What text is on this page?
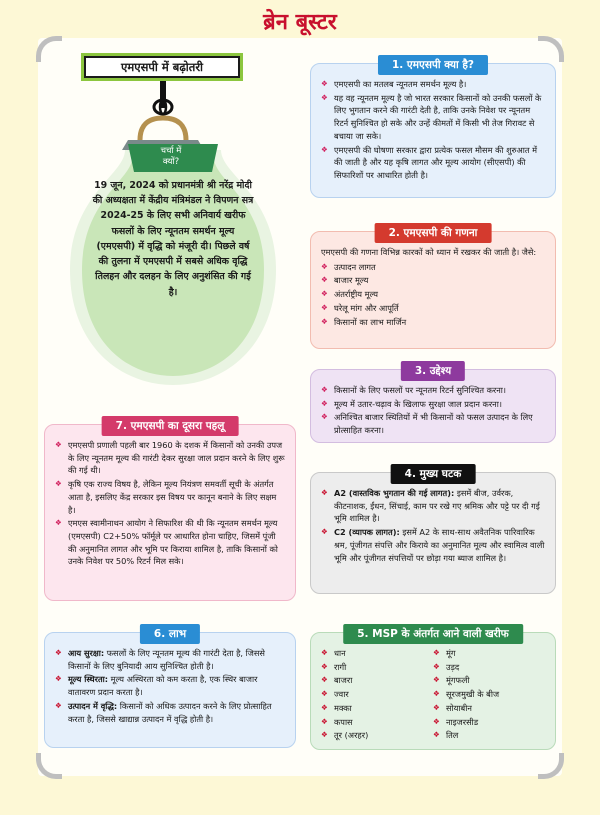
ब्रेन बूस्टर
एमएसपी में बढ़ोतरी
चर्चा में
क्यों?
19 जून, 2024 को प्रधानमंत्री श्री नरेंद्र मोदी की अध्यक्षता में केंद्रीय मंत्रिमंडल ने विपणन सत्र 2024-25 के लिए सभी अनिवार्य खरीफ फसलों के लिए न्यूनतम समर्थन मूल्य (एमएसपी) में वृद्धि को मंजूरी दी। पिछले वर्ष की तुलना में एमएसपी में सबसे अधिक वृद्धि तिलहन और दलहन के लिए अनुशंसित की गई है।
1. एमएसपी क्या है?
❖ एमएसपी का मतलब न्यूनतम समर्थन मूल्य है।
❖ यह वह न्यूनतम मूल्य है जो भारत सरकार किसानों को उनकी फसलों के लिए भुगतान करने की गारंटी देती है, ताकि उनके निवेश पर न्यूनतम रिटर्न सुनिश्चित हो सके और उन्हें कीमतों में किसी भी तेज गिरावट से बचाया जा सके।
❖ एमएसपी की घोषणा सरकार द्वारा प्रत्येक फसल मौसम की शुरुआत में की जाती है और यह कृषि लागत और मूल्य आयोग (सीएसपी) की सिफारिशों पर आधारित होती है।
2. एमएसपी की गणना
एमएसपी की गणना विभिन्न कारकों को ध्यान में रखकर की जाती है। जैसे:
❖ उत्पादन लागत
❖ बाजार मूल्य
❖ अंतर्राष्ट्रीय मूल्य
❖ घरेलू मांग और आपूर्ति
❖ किसानों का लाभ मार्जिन
3. उद्देश्य
❖ किसानों के लिए फसलों पर न्यूनतम रिटर्न सुनिश्चित करना।
❖ मूल्य में उतार-चढ़ाव के खिलाफ सुरक्षा जाल प्रदान करना।
❖ अनिश्चित बाजार स्थितियों में भी किसानों को फसल उत्पादन के लिए प्रोत्साहित करना।
4. मुख्य घटक
❖ A2 (वास्तविक भुगतान की गई लागत): इसमें बीज, उर्वरक, कीटनाशक, ईंधन, सिंचाई, काम पर रखे गए श्रमिक और पट्टे पर दी गई भूमि शामिल है।
❖ C2 (व्यापक लागत): इसमें A2 के साथ-साथ अवैतनिक पारिवारिक श्रम, पूंजीगत संपत्ति और किराये का अनुमानित मूल्य और स्वामित्व वाली भूमि और पूंजीगत संपत्तियों पर छोड़ा गया ब्याज शामिल है।
5. MSP के अंतर्गत आने वाली खरीफ
❖ धान
❖ रागी
❖ बाजरा
❖ ज्वार
❖ मक्का
❖ कपास
❖ तूर (अरहर)
❖ मूंग
❖ उड़द
❖ मूंगफली
❖ सूरजमुखी के बीज
❖ सोयाबीन
❖ नाइजरसीड
❖ तिल
6. लाभ
❖ आय सुरक्षा: फसलों के लिए न्यूनतम मूल्य की गारंटी देता है, जिससे किसानों के लिए बुनियादी आय सुनिश्चित होती है।
❖ मूल्य स्थिरता: मूल्य अस्थिरता को कम करता है, एक स्थिर बाजार वातावरण प्रदान करता है।
❖ उत्पादन में वृद्धि: किसानों को अधिक उत्पादन करने के लिए प्रोत्साहित करता है, जिससे खाद्यान्न उत्पादन में वृद्धि होती है।
7. एमएसपी का दूसरा पहलू
❖ एमएसपी प्रणाली पहली बार 1960 के दशक में किसानों को उनकी उपज के लिए न्यूनतम मूल्य की गारंटी देकर सुरक्षा जाल प्रदान करने के लिए शुरू की गई थी।
❖ कृषि एक राज्य विषय है, लेकिन मूल्य नियंत्रण समवर्ती सूची के अंतर्गत आता है, इसलिए केंद्र सरकार इस विषय पर कानून बनाने के लिए सक्षम है।
❖ एमएस स्वामीनाथन आयोग ने सिफारिश की थी कि न्यूनतम समर्थन मूल्य (एमएसपी) C2+50% फॉर्मूले पर आधारित होना चाहिए, जिसमें पूंजी की अनुमानित लागत और भूमि पर किराया शामिल है, ताकि किसानों को उनके निवेश पर 50% रिटर्न मिल सके।
